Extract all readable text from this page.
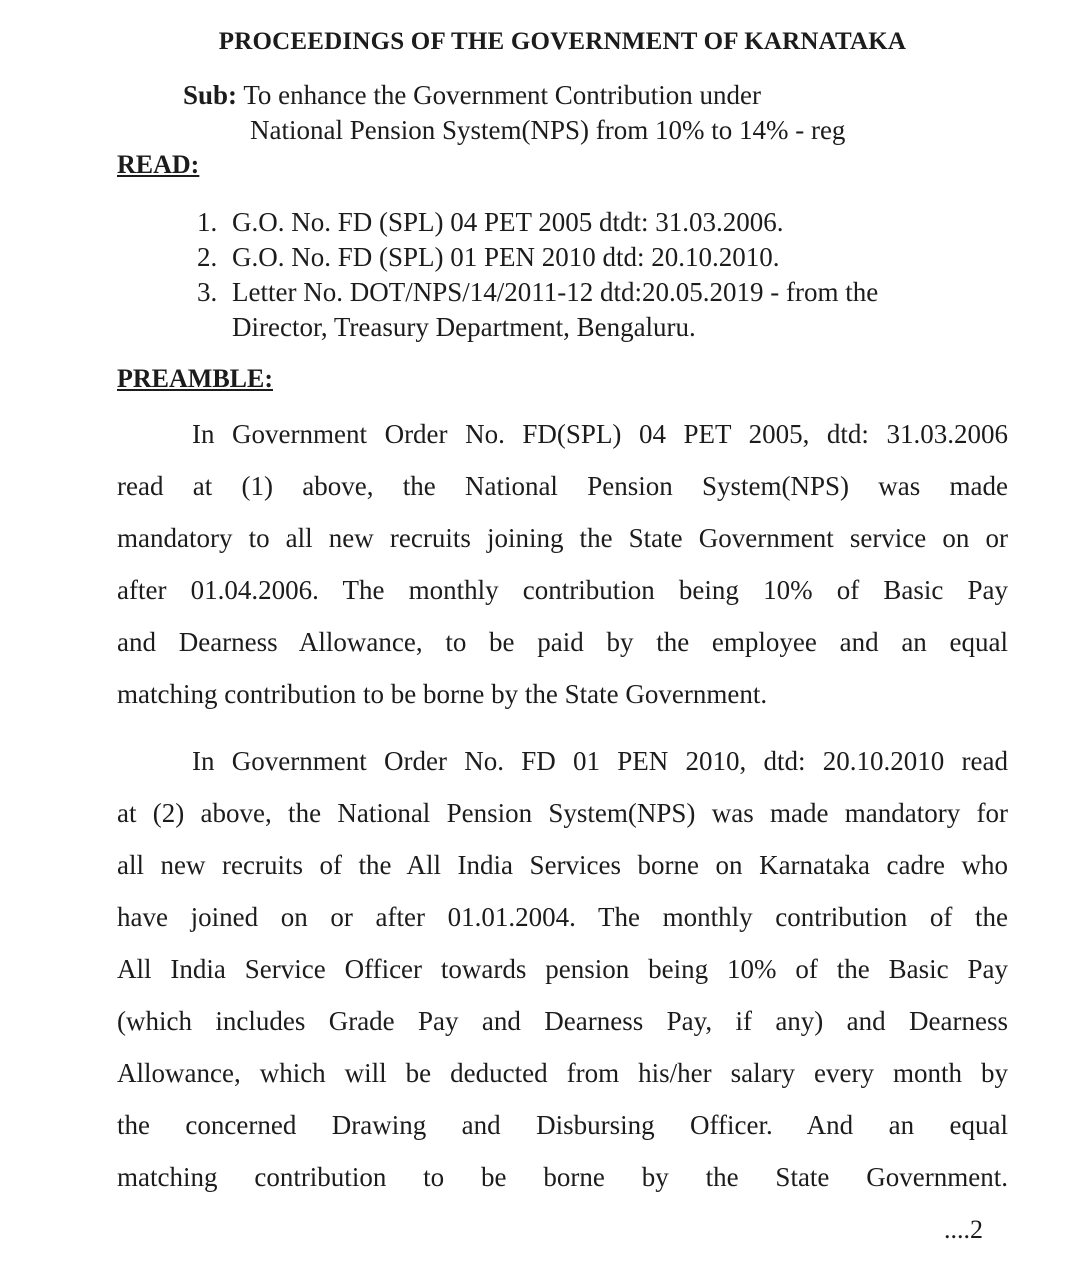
PROCEEDINGS OF THE GOVERNMENT OF KARNATAKA
Sub: To enhance the Government Contribution under
National Pension System(NPS) from 10% to 14% - reg
READ:
1. G.O. No. FD (SPL) 04 PET 2005 dtdt: 31.03.2006.
2. G.O. No. FD (SPL) 01 PEN 2010 dtd: 20.10.2010.
3. Letter No. DOT/NPS/14/2011-12 dtd:20.05.2019 - from the
Director, Treasury Department, Bengaluru.
PREAMBLE:
In Government Order No. FD(SPL) 04 PET 2005, dtd: 31.03.2006
read at (1) above, the National Pension System(NPS) was made
mandatory to all new recruits joining the State Government service on or
after 01.04.2006. The monthly contribution being 10% of Basic Pay
and Dearness Allowance, to be paid by the employee and an equal
matching contribution to be borne by the State Government.
In Government Order No. FD 01 PEN 2010, dtd: 20.10.2010 read
at (2) above, the National Pension System(NPS) was made mandatory for
all new recruits of the All India Services borne on Karnataka cadre who
have joined on or after 01.01.2004. The monthly contribution of the
All India Service Officer towards pension being 10% of the Basic Pay
(which includes Grade Pay and Dearness Pay, if any) and Dearness
Allowance, which will be deducted from his/her salary every month by
the concerned Drawing and Disbursing Officer. And an equal
matching contribution to be borne by the State Government.
....2
